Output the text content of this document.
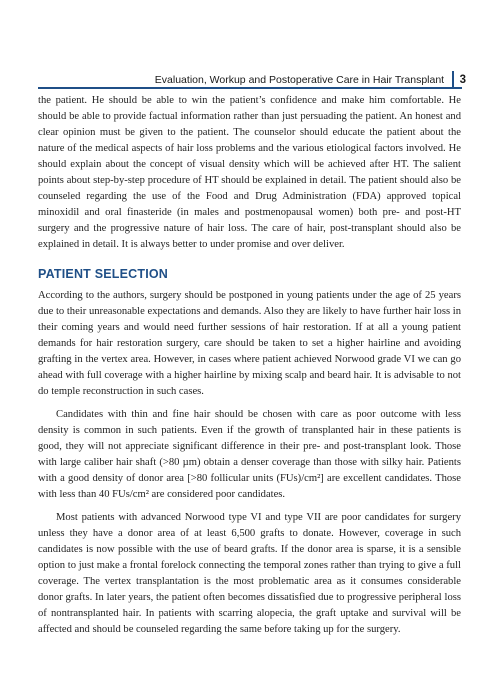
Evaluation, Workup and Postoperative Care in Hair Transplant 3

the patient. He should be able to win the patient’s confidence and make him comfortable. He should be able to provide factual information rather than just persuading the patient. An honest and clear opinion must be given to the patient. The counselor should educate the patient about the nature of the medical aspects of hair loss problems and the various etiological factors involved. He should explain about the concept of visual density which will be achieved after HT. The salient points about step-by-step procedure of HT should be explained in detail. The patient should also be counseled regarding the use of the Food and Drug Administration (FDA) approved topical minoxidil and oral finasteride (in males and postmenopausal women) both pre- and post-HT surgery and the progressive nature of hair loss. The care of hair, post-transplant should also be explained in detail. It is always better to under promise and over deliver.

PATIENT SELECTION

According to the authors, surgery should be postponed in young patients under the age of 25 years due to their unreasonable expectations and demands. Also they are likely to have further hair loss in their coming years and would need further sessions of hair restoration. If at all a young patient demands for hair restoration surgery, care should be taken to set a higher hairline and avoiding grafting in the vertex area. However, in cases where patient achieved Norwood grade VI we can go ahead with full coverage with a higher hairline by mixing scalp and beard hair. It is advisable to not do temple reconstruction in such cases.

Candidates with thin and fine hair should be chosen with care as poor outcome with less density is common in such patients. Even if the growth of transplanted hair in these patients is good, they will not appreciate significant difference in their pre- and post-transplant look. Those with large caliber hair shaft (>80 µm) obtain a denser coverage than those with silky hair. Patients with a good density of donor area [>80 follicular units (FUs)/cm²] are excellent candidates. Those with less than 40 FUs/cm² are considered poor candidates.

Most patients with advanced Norwood type VI and type VII are poor candidates for surgery unless they have a donor area of at least 6,500 grafts to donate. However, coverage in such candidates is now possible with the use of beard grafts. If the donor area is sparse, it is a sensible option to just make a frontal forelock connecting the temporal zones rather than trying to give a full coverage. The vertex transplantation is the most problematic area as it consumes considerable donor grafts. In later years, the patient often becomes dissatisfied due to progressive peripheral loss of nontransplanted hair. In patients with scarring alopecia, the graft uptake and survival will be affected and should be counseled regarding the same before taking up for the surgery.
